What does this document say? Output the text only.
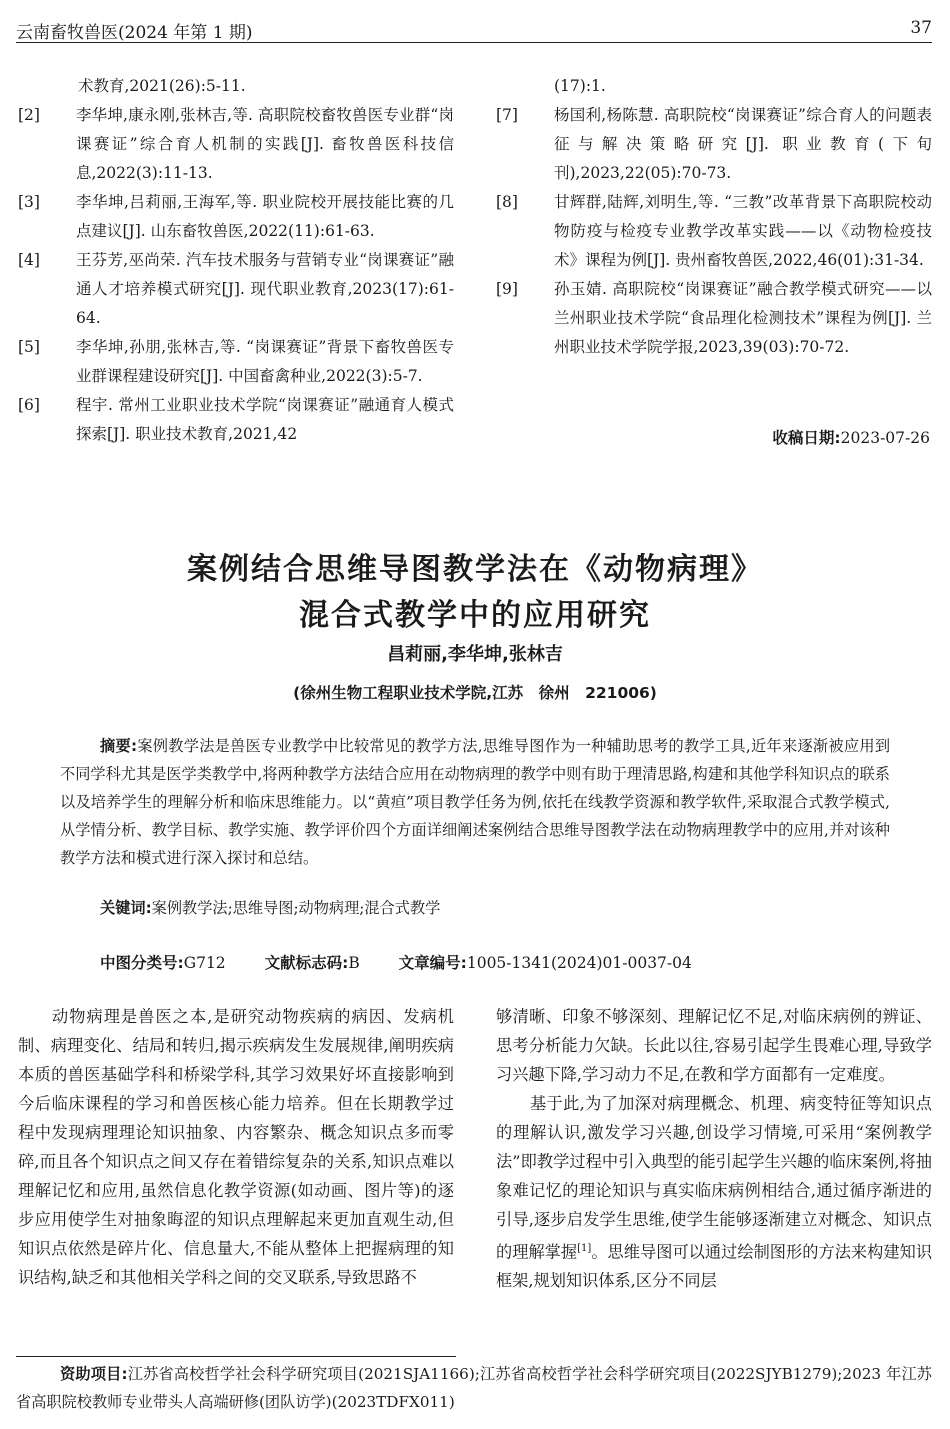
云南畜牧兽医(2024 年第 1 期)	37
术教育,2021(26):5-11.
[2] 李华坤,康永刚,张林吉,等. 高职院校畜牧兽医专业群“岗课赛证”综合育人机制的实践[J]. 畜牧兽医科技信息,2022(3):11-13.
[3] 李华坤,吕莉丽,王海军,等. 职业院校开展技能比赛的几点建议[J]. 山东畜牧兽医,2022(11):61-63.
[4] 王芬芳,巫尚荣. 汽车技术服务与营销专业“岗课赛证”融通人才培养模式研究[J]. 现代职业教育,2023(17):61-64.
[5] 李华坤,孙朋,张林吉,等. “岗课赛证”背景下畜牧兽医专业群课程建设研究[J]. 中国畜禽种业,2022(3):5-7.
[6] 程宇. 常州工业职业技术学院“岗课赛证”融通育人模式探索[J]. 职业技术教育,2021,42
(17):1.
[7] 杨国利,杨陈慧. 高职院校“岗课赛证”综合育人的问题表征与解决策略研究[J]. 职业教育(下旬刊),2023,22(05):70-73.
[8] 甘辉群,陆辉,刘明生,等. “三教”改革背景下高职院校动物防疫与检疫专业教学改革实践——以《动物检疫技术》课程为例[J]. 贵州畜牧兽医,2022,46(01):31-34.
[9] 孙玉婧. 高职院校“岗课赛证”融合教学模式研究——以兰州职业技术学院“食品理化检测技术”课程为例[J]. 兰州职业技术学院学报,2023,39(03):70-72.
收稿日期:2023-07-26
案例结合思维导图教学法在《动物病理》
混合式教学中的应用研究
昌莉丽,李华坤,张林吉
(徐州生物工程职业技术学院,江苏　徐州　221006)
摘要:案例教学法是兽医专业教学中比较常见的教学方法,思维导图作为一种辅助思考的教学工具,近年来逐渐被应用到不同学科尤其是医学类教学中,将两种教学方法结合应用在动物病理的教学中则有助于理清思路,构建和其他学科知识点的联系以及培养学生的理解分析和临床思维能力。以“黄疸”项目教学任务为例,依托在线教学资源和教学软件,采取混合式教学模式,从学情分析、教学目标、教学实施、教学评价四个方面详细阐述案例结合思维导图教学法在动物病理教学中的应用,并对该种教学方法和模式进行深入探讨和总结。
关键词:案例教学法;思维导图;动物病理;混合式教学
中图分类号:G712	文献标志码:B	文章编号:1005-1341(2024)01-0037-04

动物病理是兽医之本,是研究动物疾病的病因、发病机制、病理变化、结局和转归,揭示疾病发生发展规律,阐明疾病本质的兽医基础学科和桥梁学科,其学习效果好坏直接影响到今后临床课程的学习和兽医核心能力培养。但在长期教学过程中发现病理理论知识抽象、内容繁杂、概念知识点多而零碎,而且各个知识点之间又存在着错综复杂的关系,知识点难以理解记忆和应用,虽然信息化教学资源(如动画、图片等)的逐步应用使学生对抽象晦涩的知识点理解起来更加直观生动,但知识点依然是碎片化、信息量大,不能从整体上把握病理的知识结构,缺乏和其他相关学科之间的交叉联系,导致思路不

够清晰、印象不够深刻、理解记忆不足,对临床病例的辨证、思考分析能力欠缺。长此以往,容易引起学生畏难心理,导致学习兴趣下降,学习动力不足,在教和学方面都有一定难度。

基于此,为了加深对病理概念、机理、病变特征等知识点的理解认识,激发学习兴趣,创设学习情境,可采用“案例教学法”即教学过程中引入典型的能引起学生兴趣的临床案例,将抽象难记忆的理论知识与真实临床病例相结合,通过循序渐进的引导,逐步启发学生思维,使学生能够逐渐建立对概念、知识点的理解掌握[1]。思维导图可以通过绘制图形的方法来构建知识框架,规划知识体系,区分不同层

资助项目:江苏省高校哲学社会科学研究项目(2021SJA1166);江苏省高校哲学社会科学研究项目(2022SJYB1279);2023 年江苏省高职院校教师专业带头人高端研修(团队访学)(2023TDFX011)
